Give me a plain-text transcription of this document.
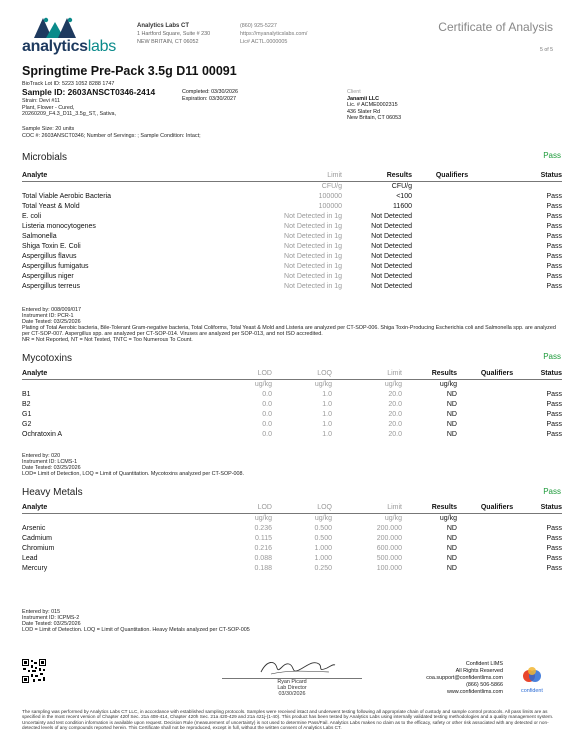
analyticslabs
Analytics Labs CT
1 Hartford Square, Suite # 230
NEW BRITAIN, CT 06052
(860) 925-5227
https://myanalyticslabs.com/
Lic# ACTL.0000005
Certificate of Analysis
5 of 5
Springtime Pre-Pack 3.5g D11 00091
BioTrack Lot ID: 5223 1052 8288 1747
Sample ID: 2603ANSCT0346-2414
Strain: Devi #11
Plant, Flower - Cured,
20260209_F4.3_D11_3.5g_ST,, Sativa,
Completed: 03/30/2026
Expiration: 03/30/2027
Client
Janamii LLC
Lic. # ACME0002315
436 Slater Rd
New Britain, CT 06053
Sample Size: 20 units
COC #: 2603ANSCT0346; Number of Servings: ; Sample Condition: Intact;
Microbials	Pass
Analyte	Limit	Results	Qualifiers	Status
	CFU/g	CFU/g		
Total Viable Aerobic Bacteria	100000	<100		Pass
Total Yeast & Mold	100000	11600		Pass
E. coli	Not Detected in 1g	Not Detected		Pass
Listeria monocytogenes	Not Detected in 1g	Not Detected		Pass
Salmonella	Not Detected in 1g	Not Detected		Pass
Shiga Toxin E. Coli	Not Detected in 1g	Not Detected		Pass
Aspergillus flavus	Not Detected in 1g	Not Detected		Pass
Aspergillus fumigatus	Not Detected in 1g	Not Detected		Pass
Aspergillus niger	Not Detected in 1g	Not Detected		Pass
Aspergillus terreus	Not Detected in 1g	Not Detected		Pass
Entered by: 008/009/017
Instrument ID: PCR-1
Date Tested: 03/25/2026
Plating of Total Aerobic bacteria, Bile-Tolerant Gram-negative bacteria, Total Coliforms, Total Yeast & Mold and Listeria are analyzed per CT-SOP-006. Shiga Toxin-Producing Escherichia coli and Salmonella spp. are analyzed per CT-SOP-007. Aspergillus spp. are analyzed per CT-SOP-014. Viruses are analyzed per SOP-013, and not ISO accredited.
NR = Not Reported, NT = Not Tested, TNTC = Too Numerous To Count.
Mycotoxins	Pass
Analyte	LOD	LOQ	Limit	Results	Qualifiers	Status
	ug/kg	ug/kg	ug/kg	ug/kg		
B1	0.0	1.0	20.0	ND		Pass
B2	0.0	1.0	20.0	ND		Pass
G1	0.0	1.0	20.0	ND		Pass
G2	0.0	1.0	20.0	ND		Pass
Ochratoxin A	0.0	1.0	20.0	ND		Pass
Entered by: 020
Instrument ID: LCMS-1
Date Tested: 03/25/2026
LOD= Limit of Detection, LOQ = Limit of Quantitation. Mycotoxins analyzed per CT-SOP-008.
Heavy Metals	Pass
Analyte	LOD	LOQ	Limit	Results	Qualifiers	Status
	ug/kg	ug/kg	ug/kg	ug/kg		
Arsenic	0.236	0.500	200.000	ND		Pass
Cadmium	0.115	0.500	200.000	ND		Pass
Chromium	0.216	1.000	600.000	ND		Pass
Lead	0.088	1.000	500.000	ND		Pass
Mercury	0.188	0.250	100.000	ND		Pass
Entered by: 015
Instrument ID: ICPMS-2
Date Tested: 03/25/2026
LOD = Limit of Detection. LOQ = Limit of Quantitation. Heavy Metals analyzed per CT-SOP-005
Ryan Picard
Lab Director
03/30/2026
Confident LIMS
All Rights Reserved
coa.support@confidentlims.com
(866) 506-5866
www.confidentlims.com	confident
The sampling was performed by Analytics Labs CT LLC, in accordance with established sampling protocols. Samples were received intact and underwent testing following all appropriate chain of custody and sample control protocols. All pass limits are as specified in the most recent version of Chapter 420f Sec. 21a 408-414, Chapter 420h Sec. 21a 420-429 and 21a 421j-(1-40). This product has been tested by Analytics Labs using internally validated testing methodologies and a quality management system. Uncertainty and test condition information is available upon request. Decision Rule (measurement of uncertainty) is not used to determine Pass/Fail. Analytics Labs makes no claim as to the efficacy, safety or other risk associated with any detected or non-detected levels of any compounds reported herein. This Certificate shall not be reproduced, except in full, without the written consent of Analytics Labs CT.
